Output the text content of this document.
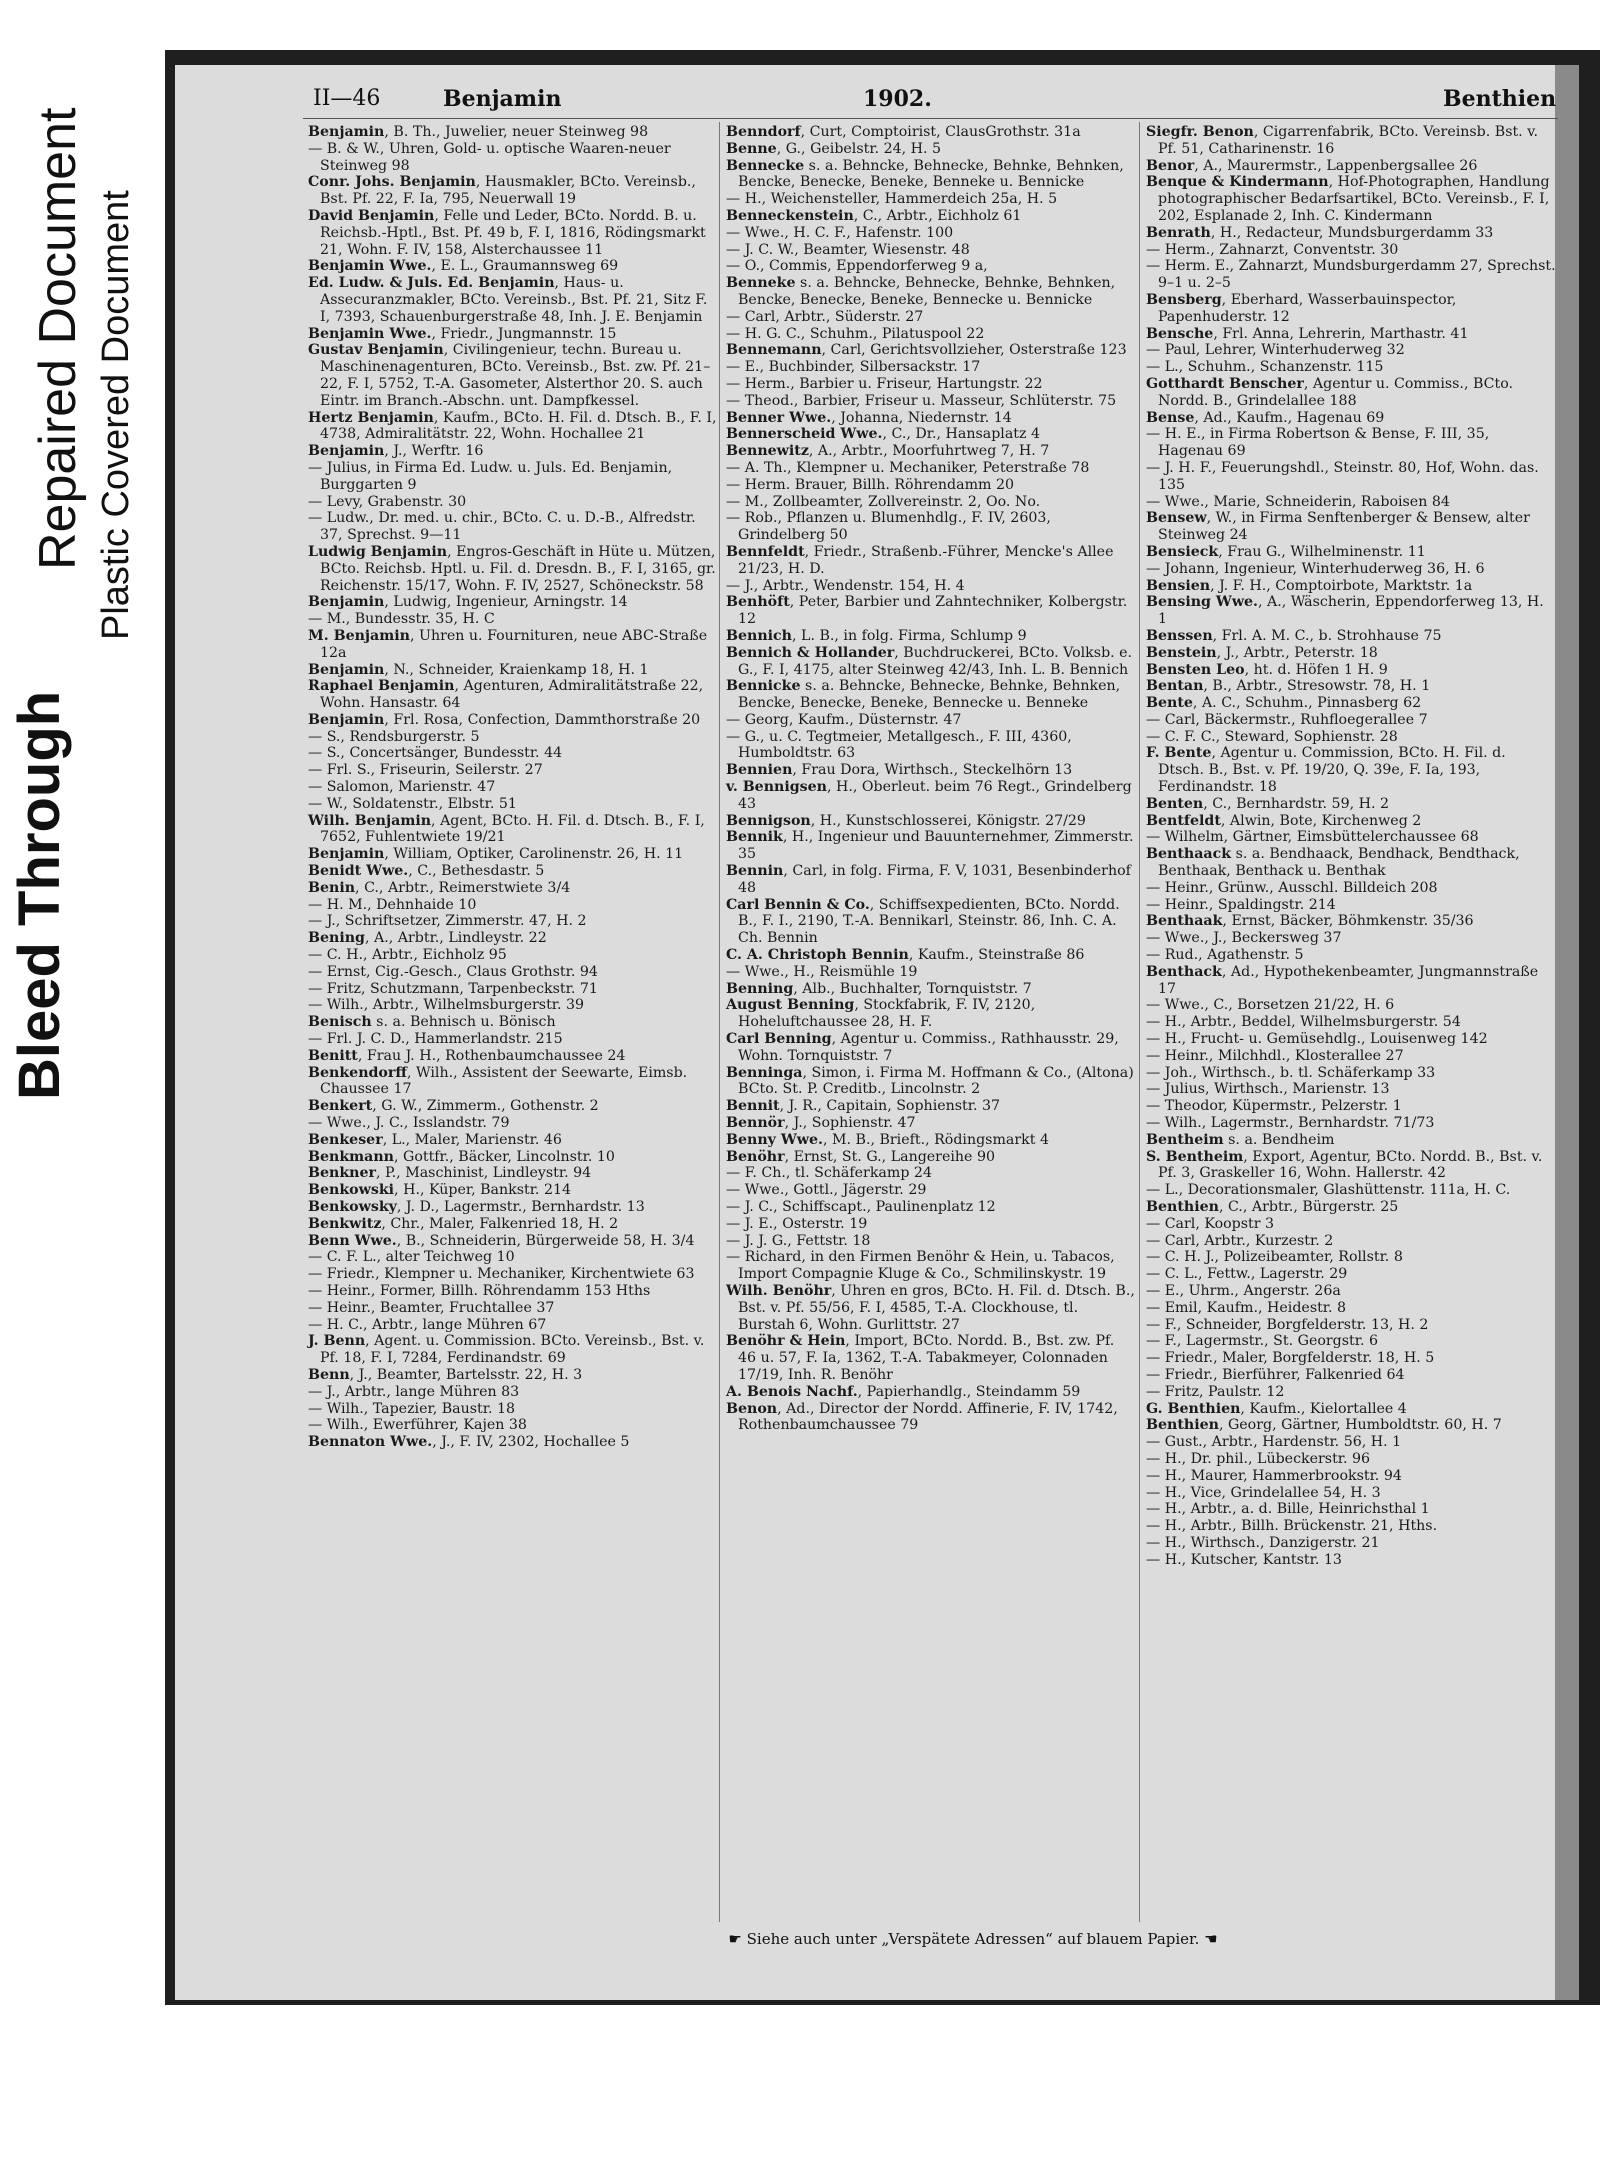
Bleed Through
Repaired Document Plastic Covered Document
II—46	Benjamin	1902.	Benthien

Benjamin, B. Th., Juwelier, neuer Steinweg 98

— B. & W., Uhren, Gold- u. optische Waaren-neuer Steinweg 98

Conr. Johs. Benjamin, Hausmakler, BCto. Vereinsb., Bst. Pf. 22, F. Ia, 795, Neuerwall 19

David Benjamin, Felle und Leder, BCto. Nordd. B. u. Reichsb.-Hptl., Bst. Pf. 49 b, F. I, 1816, Rödingsmarkt 21, Wohn. F. IV, 158, Alsterchaussee 11

Benjamin Wwe., E. L., Graumannsweg 69

Ed. Ludw. & Juls. Ed. Benjamin, Haus- u. Assecuranzmakler, BCto. Vereinsb., Bst. Pf. 21, Sitz F. I, 7393, Schauenburgerstraße 48, Inh. J. E. Benjamin

Benjamin Wwe., Friedr., Jungmannstr. 15

Gustav Benjamin, Civilingenieur, techn. Bureau u. Maschinenagenturen, BCto. Vereinsb., Bst. zw. Pf. 21–22, F. I, 5752, T.-A. Gasometer, Alsterthor 20. S. auch Eintr. im Branch.-Abschn. unt. Dampfkessel.

Hertz Benjamin, Kaufm., BCto. H. Fil. d. Dtsch. B., F. I, 4738, Admiralitätstr. 22, Wohn. Hochallee 21

Benjamin, J., Werftr. 16

— Julius, in Firma Ed. Ludw. u. Juls. Ed. Benjamin, Burggarten 9

— Levy, Grabenstr. 30

— Ludw., Dr. med. u. chir., BCto. C. u. D.-B., Alfredstr. 37, Sprechst. 9—11

Ludwig Benjamin, Engros-Geschäft in Hüte u. Mützen, BCto. Reichsb. Hptl. u. Fil. d. Dresdn. B., F. I, 3165, gr. Reichenstr. 15/17, Wohn. F. IV, 2527, Schöneckstr. 58

Benjamin, Ludwig, Ingenieur, Arningstr. 14

— M., Bundesstr. 35, H. C

M. Benjamin, Uhren u. Fournituren, neue ABC-Straße 12a

Benjamin, N., Schneider, Kraienkamp 18, H. 1

Raphael Benjamin, Agenturen, Admiralitätstraße 22, Wohn. Hansastr. 64

Benjamin, Frl. Rosa, Confection, Dammthorstraße 20

— S., Rendsburgerstr. 5

— S., Concertsänger, Bundesstr. 44

— Frl. S., Friseurin, Seilerstr. 27

— Salomon, Marienstr. 47

— W., Soldatenstr., Elbstr. 51

Wilh. Benjamin, Agent, BCto. H. Fil. d. Dtsch. B., F. I, 7652, Fuhlentwiete 19/21

Benjamin, William, Optiker, Carolinenstr. 26, H. 11

Benidt Wwe., C., Bethesdastr. 5

Benin, C., Arbtr., Reimerstwiete 3/4

— H. M., Dehnhaide 10

— J., Schriftsetzer, Zimmerstr. 47, H. 2

Bening, A., Arbtr., Lindleystr. 22

— C. H., Arbtr., Eichholz 95

— Ernst, Cig.-Gesch., Claus Grothstr. 94

— Fritz, Schutzmann, Tarpenbeckstr. 71

— Wilh., Arbtr., Wilhelmsburgerstr. 39

Benisch s. a. Behnisch u. Bönisch

— Frl. J. C. D., Hammerlandstr. 215

Benitt, Frau J. H., Rothenbaumchaussee 24

Benkendorff, Wilh., Assistent der Seewarte, Eimsb. Chaussee 17

Benkert, G. W., Zimmerm., Gothenstr. 2

— Wwe., J. C., Isslandstr. 79

Benkeser, L., Maler, Marienstr. 46

Benkmann, Gottfr., Bäcker, Lincolnstr. 10

Benkner, P., Maschinist, Lindleystr. 94

Benkowski, H., Küper, Bankstr. 214

Benkowsky, J. D., Lagermstr., Bernhardstr. 13

Benkwitz, Chr., Maler, Falkenried 18, H. 2

Benn Wwe., B., Schneiderin, Bürgerweide 58, H. 3/4

— C. F. L., alter Teichweg 10

— Friedr., Klempner u. Mechaniker, Kirchentwiete 63

— Heinr., Former, Billh. Röhrendamm 153 Hths

— Heinr., Beamter, Fruchtallee 37

— H. C., Arbtr., lange Mühren 67

J. Benn, Agent. u. Commission. BCto. Vereinsb., Bst. v. Pf. 18, F. I, 7284, Ferdinandstr. 69

Benn, J., Beamter, Bartelsstr. 22, H. 3

— J., Arbtr., lange Mühren 83

— Wilh., Tapezier, Baustr. 18

— Wilh., Ewerführer, Kajen 38

Bennaton Wwe., J., F. IV, 2302, Hochallee 5

Benndorf, Curt, Comptoirist, ClausGrothstr. 31a

Benne, G., Geibelstr. 24, H. 5

Bennecke s. a. Behncke, Behnecke, Behnke, Behnken, Bencke, Benecke, Beneke, Benneke u. Bennicke

— H., Weichensteller, Hammerdeich 25a, H. 5

Benneckenstein, C., Arbtr., Eichholz 61

— Wwe., H. C. F., Hafenstr. 100

— J. C. W., Beamter, Wiesenstr. 48

— O., Commis, Eppendorferweg 9 a,

Benneke s. a. Behncke, Behnecke, Behnke, Behnken, Bencke, Benecke, Beneke, Bennecke u. Bennicke

— Carl, Arbtr., Süderstr. 27

— H. G. C., Schuhm., Pilatuspool 22

Bennemann, Carl, Gerichtsvollzieher, Osterstraße 123

— E., Buchbinder, Silbersackstr. 17

— Herm., Barbier u. Friseur, Hartungstr. 22

— Theod., Barbier, Friseur u. Masseur, Schlüterstr. 75

Benner Wwe., Johanna, Niedernstr. 14

Bennerscheid Wwe., C., Dr., Hansaplatz 4

Bennewitz, A., Arbtr., Moorfuhrtweg 7, H. 7

— A. Th., Klempner u. Mechaniker, Peterstraße 78

— Herm. Brauer, Billh. Röhrendamm 20

— M., Zollbeamter, Zollvereinstr. 2, Oo. No.

— Rob., Pflanzen u. Blumenhdlg., F. IV, 2603, Grindelberg 50

Bennfeldt, Friedr., Straßenb.-Führer, Mencke's Allee 21/23, H. D.

— J., Arbtr., Wendenstr. 154, H. 4

Benhöft, Peter, Barbier und Zahntechniker, Kolbergstr. 12

Bennich, L. B., in folg. Firma, Schlump 9

Bennich & Hollander, Buchdruckerei, BCto. Volksb. e. G., F. I, 4175, alter Steinweg 42/43, Inh. L. B. Bennich

Bennicke s. a. Behncke, Behnecke, Behnke, Behnken, Bencke, Benecke, Beneke, Bennecke u. Benneke

— Georg, Kaufm., Düsternstr. 47

— G., u. C. Tegtmeier, Metallgesch., F. III, 4360, Humboldtstr. 63

Bennien, Frau Dora, Wirthsch., Steckelhörn 13

v. Bennigsen, H., Oberleut. beim 76 Regt., Grindelberg 43

Bennigson, H., Kunstschlosserei, Königstr. 27/29

Bennik, H., Ingenieur und Bauunternehmer, Zimmerstr. 35

Bennin, Carl, in folg. Firma, F. V, 1031, Besenbinderhof 48

Carl Bennin & Co., Schiffsexpedienten, BCto. Nordd. B., F. I., 2190, T.-A. Bennikarl, Steinstr. 86, Inh. C. A. Ch. Bennin

C. A. Christoph Bennin, Kaufm., Steinstraße 86

— Wwe., H., Reismühle 19

Benning, Alb., Buchhalter, Tornquiststr. 7

August Benning, Stockfabrik, F. IV, 2120, Hoheluftchaussee 28, H. F.

Carl Benning, Agentur u. Commiss., Rathhausstr. 29, Wohn. Tornquiststr. 7

Benninga, Simon, i. Firma M. Hoffmann & Co., (Altona) BCto. St. P. Creditb., Lincolnstr. 2

Bennit, J. R., Capitain, Sophienstr. 37

Bennör, J., Sophienstr. 47

Benny Wwe., M. B., Brieft., Rödingsmarkt 4

Benöhr, Ernst, St. G., Langereihe 90

— F. Ch., tl. Schäferkamp 24

— Wwe., Gottl., Jägerstr. 29

— J. C., Schiffscapt., Paulinenplatz 12

— J. E., Osterstr. 19

— J. J. G., Fettstr. 18

— Richard, in den Firmen Benöhr & Hein, u. Tabacos, Import Compagnie Kluge & Co., Schmilinskystr. 19

Wilh. Benöhr, Uhren en gros, BCto. H. Fil. d. Dtsch. B., Bst. v. Pf. 55/56, F. I, 4585, T.-A. Clockhouse, tl. Burstah 6, Wohn. Gurlittstr. 27

Benöhr & Hein, Import, BCto. Nordd. B., Bst. zw. Pf. 46 u. 57, F. Ia, 1362, T.-A. Tabakmeyer, Colonnaden 17/19, Inh. R. Benöhr

A. Benois Nachf., Papierhandlg., Steindamm 59

Benon, Ad., Director der Nordd. Affinerie, F. IV, 1742, Rothenbaumchaussee 79

Siegfr. Benon, Cigarrenfabrik, BCto. Vereinsb. Bst. v. Pf. 51, Catharinenstr. 16

Benor, A., Maurermstr., Lappenbergsallee 26

Benque & Kindermann, Hof-Photographen, Handlung photographischer Bedarfsartikel, BCto. Vereinsb., F. I, 202, Esplanade 2, Inh. C. Kindermann

Benrath, H., Redacteur, Mundsburgerdamm 33

— Herm., Zahnarzt, Conventstr. 30

— Herm. E., Zahnarzt, Mundsburgerdamm 27, Sprechst. 9–1 u. 2–5

Bensberg, Eberhard, Wasserbauinspector, Papenhuderstr. 12

Bensche, Frl. Anna, Lehrerin, Marthastr. 41

— Paul, Lehrer, Winterhuderweg 32

— L., Schuhm., Schanzenstr. 115

Gotthardt Benscher, Agentur u. Commiss., BCto. Nordd. B., Grindelallee 188

Bense, Ad., Kaufm., Hagenau 69

— H. E., in Firma Robertson & Bense, F. III, 35, Hagenau 69

— J. H. F., Feuerungshdl., Steinstr. 80, Hof, Wohn. das. 135

— Wwe., Marie, Schneiderin, Raboisen 84

Bensew, W., in Firma Senftenberger & Bensew, alter Steinweg 24

Bensieck, Frau G., Wilhelminenstr. 11

— Johann, Ingenieur, Winterhuderweg 36, H. 6

Bensien, J. F. H., Comptoirbote, Marktstr. 1a

Bensing Wwe., A., Wäscherin, Eppendorferweg 13, H. 1

Benssen, Frl. A. M. C., b. Strohhause 75

Benstein, J., Arbtr., Peterstr. 18

Bensten Leo, ht. d. Höfen 1 H. 9

Bentan, B., Arbtr., Stresowstr. 78, H. 1

Bente, A. C., Schuhm., Pinnasberg 62

— Carl, Bäckermstr., Ruhfloegerallee 7

— C. F. C., Steward, Sophienstr. 28

F. Bente, Agentur u. Commission, BCto. H. Fil. d. Dtsch. B., Bst. v. Pf. 19/20, Q. 39e, F. Ia, 193, Ferdinandstr. 18

Benten, C., Bernhardstr. 59, H. 2

Bentfeldt, Alwin, Bote, Kirchenweg 2

— Wilhelm, Gärtner, Eimsbüttelerchaussee 68

Benthaack s. a. Bendhaack, Bendhack, Bendthack, Benthaak, Benthack u. Benthak

— Heinr., Grünw., Ausschl. Billdeich 208

— Heinr., Spaldingstr. 214

Benthaak, Ernst, Bäcker, Böhmkenstr. 35/36

— Wwe., J., Beckersweg 37

— Rud., Agathenstr. 5

Benthack, Ad., Hypothekenbeamter, Jungmannstraße 17

— Wwe., C., Borsetzen 21/22, H. 6

— H., Arbtr., Beddel, Wilhelmsburgerstr. 54

— H., Frucht- u. Gemüsehdlg., Louisenweg 142

— Heinr., Milchhdl., Klosterallee 27

— Joh., Wirthsch., b. tl. Schäferkamp 33

— Julius, Wirthsch., Marienstr. 13

— Theodor, Küpermstr., Pelzerstr. 1

— Wilh., Lagermstr., Bernhardstr. 71/73

Bentheim s. a. Bendheim

S. Bentheim, Export, Agentur, BCto. Nordd. B., Bst. v. Pf. 3, Graskeller 16, Wohn. Hallerstr. 42

— L., Decorationsmaler, Glashüttenstr. 111a, H. C.

Benthien, C., Arbtr., Bürgerstr. 25

— Carl, Koopstr 3

— Carl, Arbtr., Kurzestr. 2

— C. H. J., Polizeibeamter, Rollstr. 8

— C. L., Fettw., Lagerstr. 29

— E., Uhrm., Angerstr. 26a

— Emil, Kaufm., Heidestr. 8

— F., Schneider, Borgfelderstr. 13, H. 2

— F., Lagermstr., St. Georgstr. 6

— Friedr., Maler, Borgfelderstr. 18, H. 5

— Friedr., Bierführer, Falkenried 64

— Fritz, Paulstr. 12

G. Benthien, Kaufm., Kielortallee 4

Benthien, Georg, Gärtner, Humboldtstr. 60, H. 7

— Gust., Arbtr., Hardenstr. 56, H. 1

— H., Dr. phil., Lübeckerstr. 96

— H., Maurer, Hammerbrookstr. 94

— H., Vice, Grindelallee 54, H. 3

— H., Arbtr., a. d. Bille, Heinrichsthal 1

— H., Arbtr., Billh. Brückenstr. 21, Hths.

— H., Wirthsch., Danzigerstr. 21

— H., Kutscher, Kantstr. 13

☛ Siehe auch unter „Verspätete Adressen“ auf blauem Papier. ☚
